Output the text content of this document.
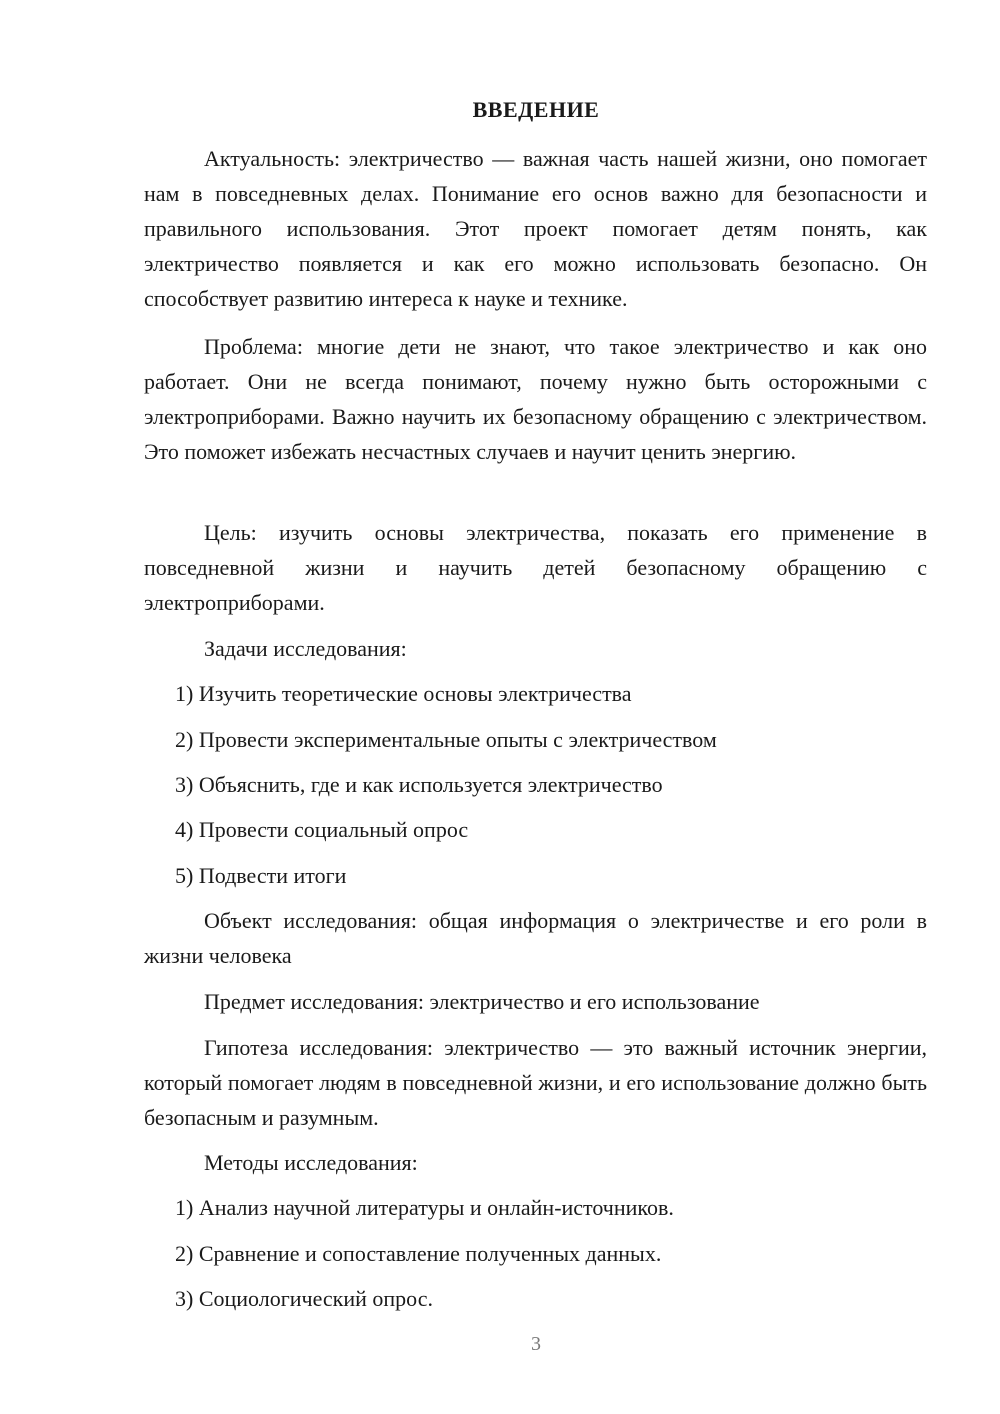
ВВЕДЕНИЕ

Актуальность: электричество — важная часть нашей жизни, оно помогает нам в повседневных делах. Понимание его основ важно для безопасности и правильного использования. Этот проект помогает детям понять, как электричество появляется и как его можно использовать безопасно. Он способствует развитию интереса к науке и технике.

Проблема: многие дети не знают, что такое электричество и как оно работает. Они не всегда понимают, почему нужно быть осторожными с электроприборами. Важно научить их безопасному обращению с электричеством. Это поможет избежать несчастных случаев и научит ценить энергию.

Цель: изучить основы электричества, показать его применение в повседневной жизни и научить детей безопасному обращению с электроприборами.

Задачи исследования:

1) Изучить теоретические основы электричества

2) Провести экспериментальные опыты с электричеством

3) Объяснить, где и как используется электричество

4) Провести социальный опрос

5) Подвести итоги

Объект исследования: общая информация о электричестве и его роли в жизни человека

Предмет исследования: электричество и его использование

Гипотеза исследования: электричество — это важный источник энергии, который помогает людям в повседневной жизни, и его использование должно быть безопасным и разумным.

Методы исследования:

1) Анализ научной литературы и онлайн-источников.

2) Сравнение и сопоставление полученных данных.

3) Социологический опрос.

3
